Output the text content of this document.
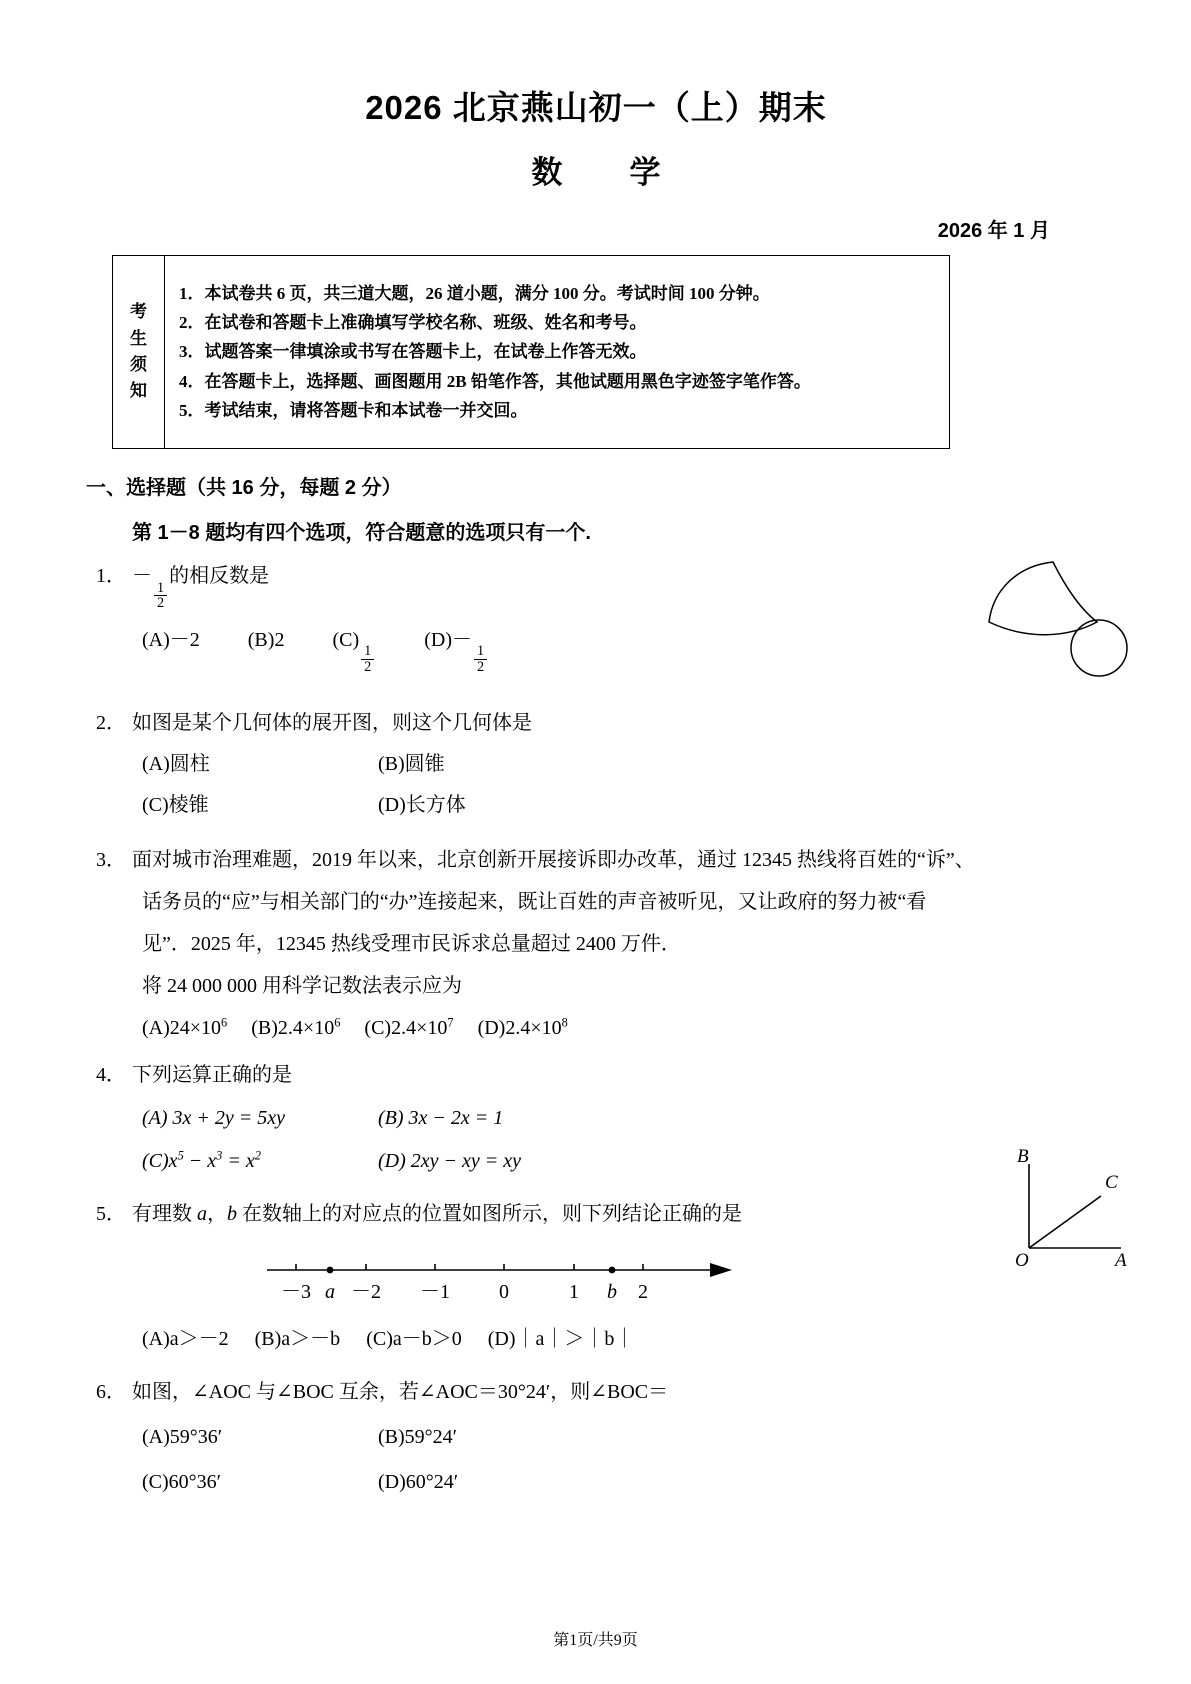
2026 北京燕山初一（上）期末
数　学
2026 年 1 月
考
生
须
知
1．本试卷共 6 页，共三道大题，26 道小题，满分 100 分。考试时间 100 分钟。
2．在试卷和答题卡上准确填写学校名称、班级、姓名和考号。
3．试题答案一律填涂或书写在答题卡上，在试卷上作答无效。
4．在答题卡上，选择题、画图题用 2B 铅笔作答，其他试题用黑色字迹签字笔作答。
5．考试结束，请将答题卡和本试卷一并交回。
一、选择题（共 16 分，每题 2 分）
第 1－8 题均有四个选项，符合题意的选项只有一个.
1． －
$\frac{1}{2}$
的相反数是
(A)－2 (B)2 (C)
$\frac{1}{2}$
(D)－
$\frac{1}{2}$
2． 如图是某个几何体的展开图，则这个几何体是
(A)圆柱	(B)圆锥
(C)棱锥	(D)长方体
3． 面对城市治理难题，2019 年以来，北京创新开展接诉即办改革，通过 12345 热线将百姓的“诉”、
话务员的“应”与相关部门的“办”连接起来，既让百姓的声音被听见，又让政府的努力被“看
见”．2025 年，12345 热线受理市民诉求总量超过 2400 万件．
将 24 000 000 用科学记数法表示应为
$(A)24\times 10^6$ $(B)2.4\times 10^6$ $(C)2.4\times 10^7$ $(D)2.4\times 10^8$
4． 下列运算正确的是
(A) 3x + 2y = 5xy	(B) 3x − 2x = 1
$(C)x^5 - x^3 = x^2$	(D) 2xy − xy = xy
5． 有理数 a，b 在数轴上的对应点的位置如图所示，则下列结论正确的是
－3 －2 －1 0	1	2
a	b
(A)a＞－2 (B)a＞－b (C)a－b＞0 (D)｜a｜＞｜b｜
6． 如图，∠AOC 与∠BOC 互余，若∠AOC＝30°24′，则∠BOC＝
(A)59°36′	(B)59°24′
(C)60°36′	(D)60°24′
B
C
O	A
第1页/共9页
